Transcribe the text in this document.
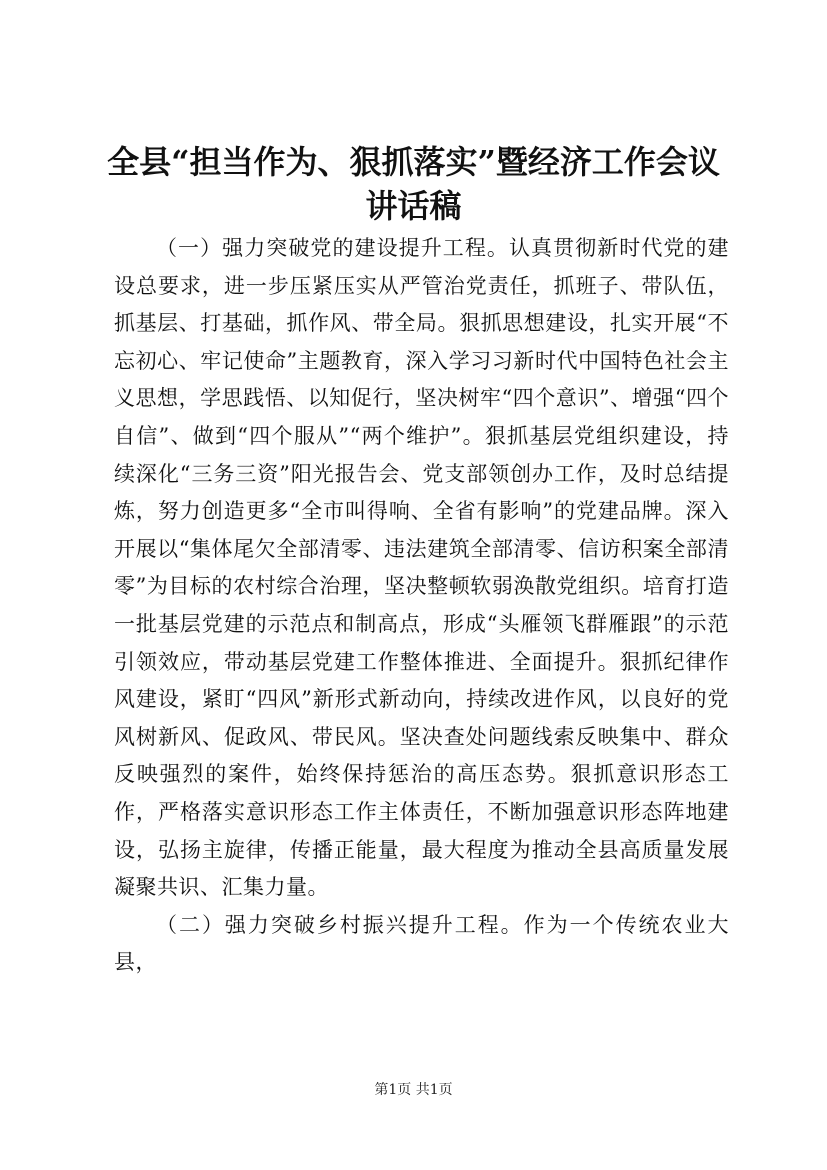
全县“担当作为、狠抓落实”暨经济工作会议讲话稿

（一）强力突破党的建设提升工程。认真贯彻新时代党的建设总要求，进一步压紧压实从严管治党责任，抓班子、带队伍，抓基层、打基础，抓作风、带全局。狠抓思想建设，扎实开展“不忘初心、牢记使命”主题教育，深入学习习新时代中国特色社会主义思想，学思践悟、以知促行，坚决树牢“四个意识”、增强“四个自信”、做到“四个服从”“两个维护”。狠抓基层党组织建设，持续深化“三务三资”阳光报告会、党支部领创办工作，及时总结提炼，努力创造更多“全市叫得响、全省有影响”的党建品牌。深入开展以“集体尾欠全部清零、违法建筑全部清零、信访积案全部清零”为目标的农村综合治理，坚决整顿软弱涣散党组织。培育打造一批基层党建的示范点和制高点，形成“头雁领飞群雁跟”的示范引领效应，带动基层党建工作整体推进、全面提升。狠抓纪律作风建设，紧盯“四风”新形式新动向，持续改进作风，以良好的党风树新风、促政风、带民风。坚决查处问题线索反映集中、群众反映强烈的案件，始终保持惩治的高压态势。狠抓意识形态工作，严格落实意识形态工作主体责任，不断加强意识形态阵地建设，弘扬主旋律，传播正能量，最大程度为推动全县高质量发展凝聚共识、汇集力量。

（二）强力突破乡村振兴提升工程。作为一个传统农业大县，

第1页 共1页
